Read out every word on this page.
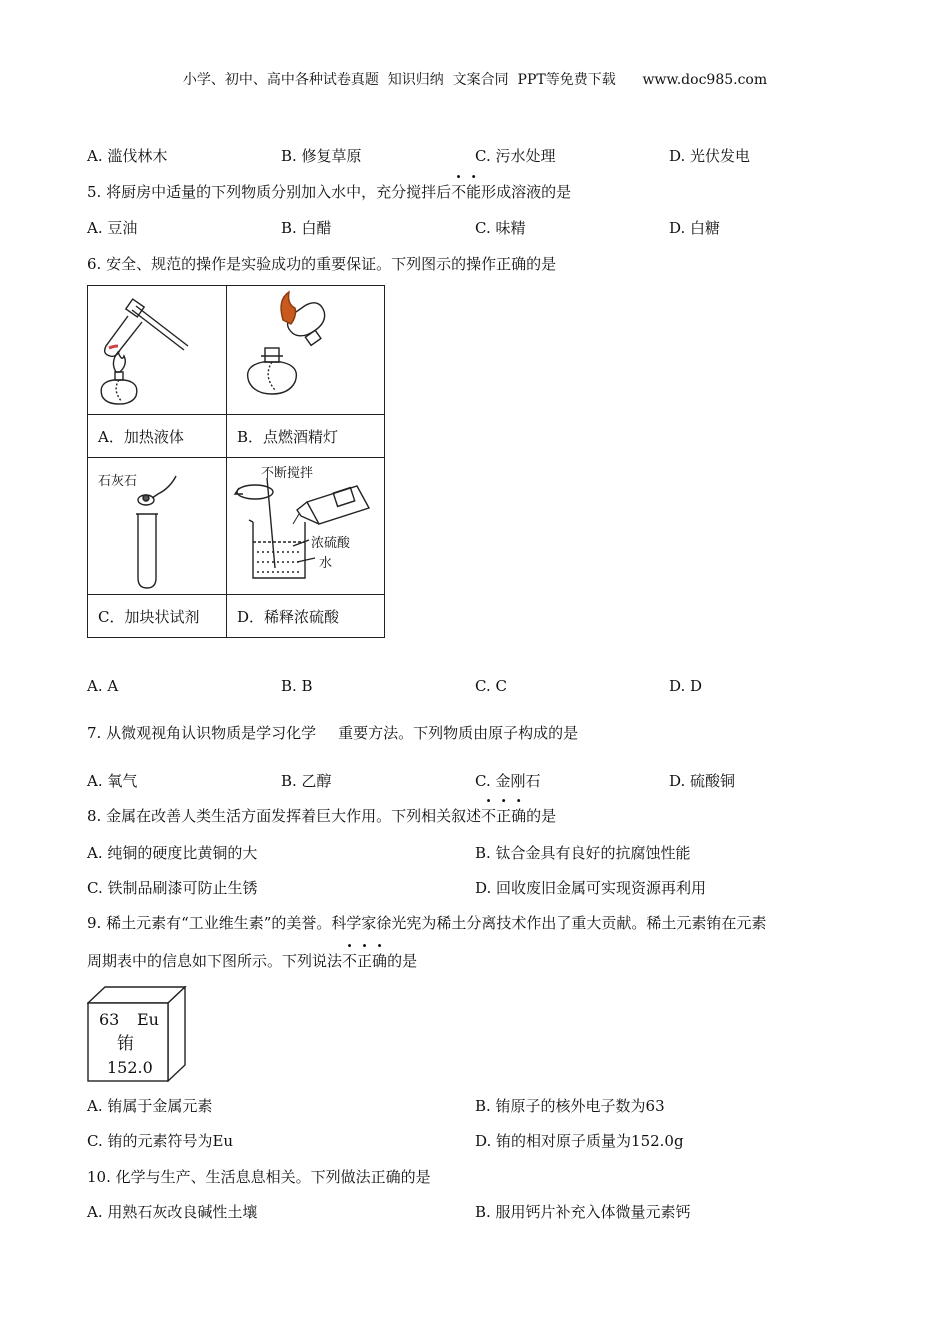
小学、初中、高中各种试卷真题  知识归纳  文案合同  PPT等免费下载      www.doc985.com
A. 滥伐林木	B. 修复草原	C. 污水处理	D. 光伏发电
5. 将厨房中适量的下列物质分别加入水中，充分搅拌后不能形成溶液的是
A. 豆油	B. 白醋	C. 味精	D. 白糖
6. 安全、规范的操作是实验成功的重要保证。下列图示的操作正确的是

A．加热液体	B．点燃酒精灯

石灰石	不断搅拌
浓硫酸
水

C．加块状试剂	D．稀释浓硫酸
A. A	B. B	C. C	D. D
7. 从微观视角认识物质是学习化学 重要方法。下列物质由原子构成的是
A. 氧气	B. 乙醇	C. 金刚石	D. 硫酸铜
8. 金属在改善人类生活方面发挥着巨大作用。下列相关叙述不正确的是
A. 纯铜的硬度比黄铜的大	B. 钛合金具有良好的抗腐蚀性能
C. 铁制品刷漆可防止生锈	D. 回收废旧金属可实现资源再利用
9. 稀土元素有“工业维生素”的美誉。科学家徐光宪为稀土分离技术作出了重大贡献。稀土元素铕在元素
周期表中的信息如下图所示。下列说法不正确的是
63 Eu
铕
152.0
A. 铕属于金属元素	B. 铕原子的核外电子数为63
C. 铕的元素符号为Eu	D. 铕的相对原子质量为152.0g
10. 化学与生产、生活息息相关。下列做法正确的是
A. 用熟石灰改良碱性土壤	B. 服用钙片补充入体微量元素钙
